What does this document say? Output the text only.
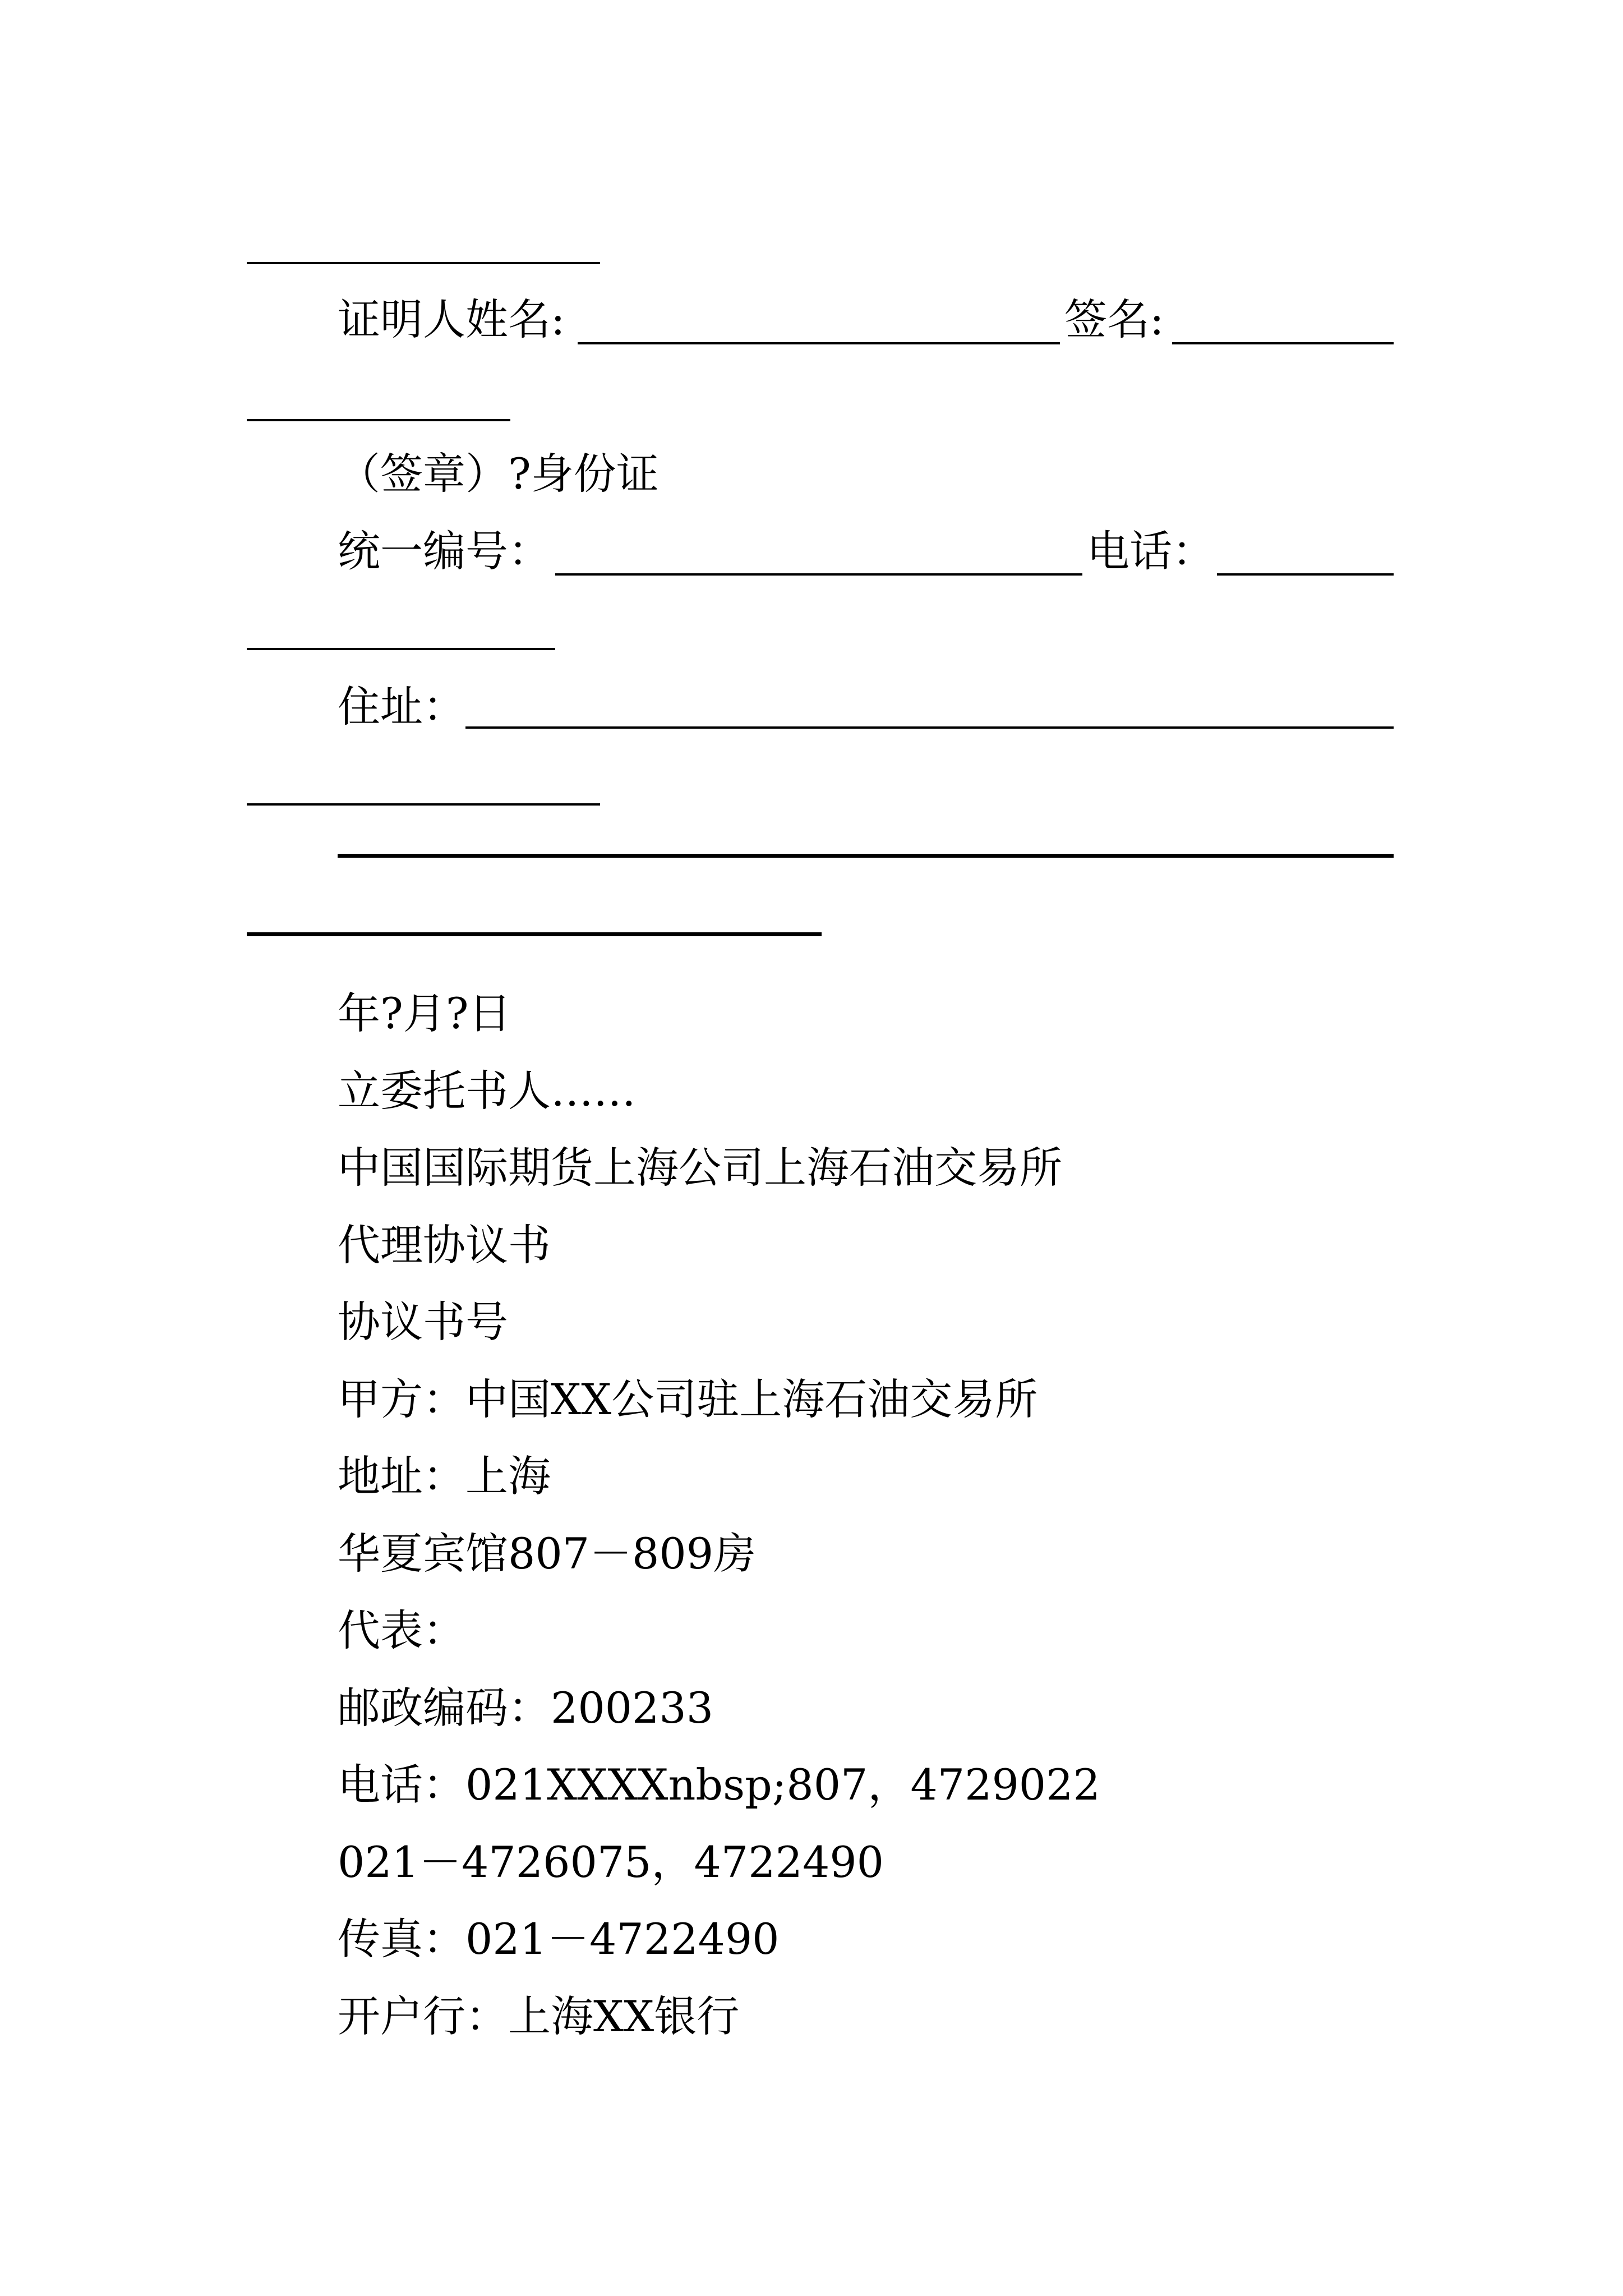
证明人姓名:	签名:
（签章）?身份证
统一编号：	电话：
住址：
年?月?日
立委托书人……
中国国际期货上海公司上海石油交易所
代理协议书
协议书号
甲方：中国XX公司驻上海石油交易所
地址：上海
华夏宾馆807－809房
代表：
邮政编码：200233
电话：021XXXXnbsp;807，4729022
021－4726075，4722490
传真：021－4722490
开户行：上海XX银行
